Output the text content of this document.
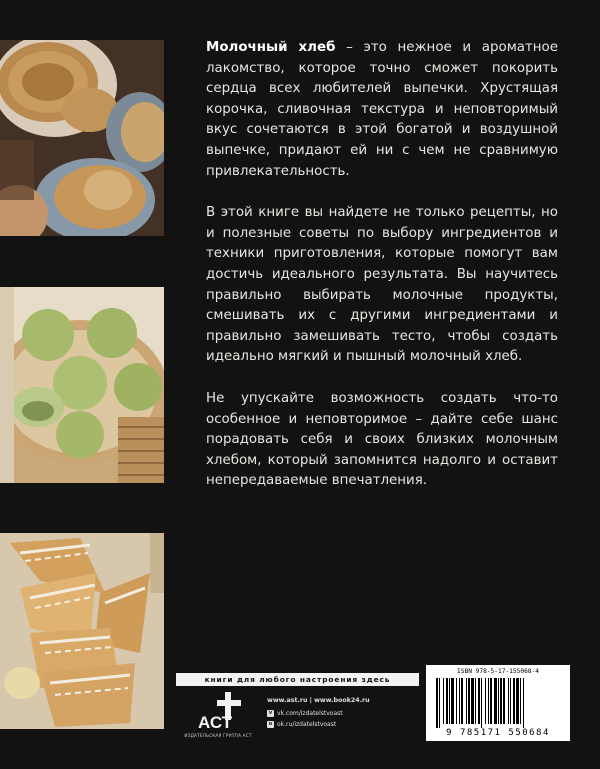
Молочный хлеб – это нежное и ароматное лакомство, которое точно сможет покорить сердца всех любителей выпечки. Хрустящая корочка, сливочная текстура и неповторимый вкус сочетаются в этой богатой и воздушной выпечке, придают ей ни с чем не сравнимую привлекательность.

В этой книге вы найдете не только рецепты, но и полезные советы по выбору ингредиентов и техники приготовления, которые помогут вам достичь идеального результата. Вы научитесь правильно выбирать молочные продукты, смешивать их с другими ингредиентами и правильно замешивать тесто, чтобы создать идеально мягкий и пышный молочный хлеб.

Не упускайте возможность создать что-то особенное и неповторимое – дайте себе шанс порадовать себя и своих близких молочным хлебом, который запомнится надолго и оставит непередаваемые впечатления.

книги для любого настроения здесь
АСТ
ИЗДАТЕЛЬСКАЯ ГРУППА АСТ
www.ast.ru | www.book24.ru
v vk.com/izdatelstvoast
o ok.ru/izdatelstvoast
ISBN 978-5-17-155068-4
9 785171 550684
